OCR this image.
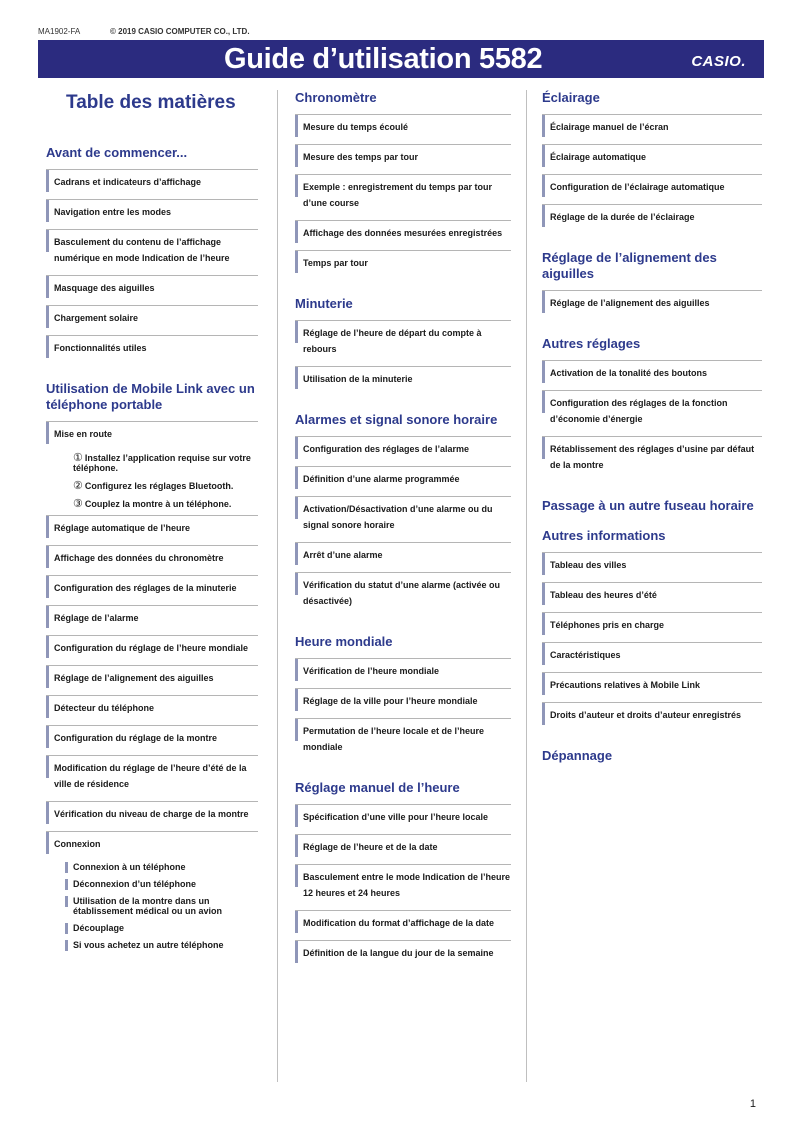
MA1902-FA	© 2019 CASIO COMPUTER CO., LTD.
Guide d’utilisation 5582	CASIO.
Table des matières
Avant de commencer...
Cadrans et indicateurs d’affichage
Navigation entre les modes
Basculement du contenu de l’affichage numérique en mode Indication de l’heure
Masquage des aiguilles
Chargement solaire
Fonctionnalités utiles
Utilisation de Mobile Link avec un téléphone portable
Mise en route
① Installez l’application requise sur votre téléphone.
② Configurez les réglages Bluetooth.
③ Couplez la montre à un téléphone.
Réglage automatique de l’heure
Affichage des données du chronomètre
Configuration des réglages de la minuterie
Réglage de l’alarme
Configuration du réglage de l’heure mondiale
Réglage de l’alignement des aiguilles
Détecteur du téléphone
Configuration du réglage de la montre
Modification du réglage de l’heure d’été de la ville de résidence
Vérification du niveau de charge de la montre
Connexion
Connexion à un téléphone
Déconnexion d’un téléphone
Utilisation de la montre dans un établissement médical ou un avion
Découplage
Si vous achetez un autre téléphone
Chronomètre
Mesure du temps écoulé
Mesure des temps par tour
Exemple : enregistrement du temps par tour d’une course
Affichage des données mesurées enregistrées
Temps par tour
Minuterie
Réglage de l’heure de départ du compte à rebours
Utilisation de la minuterie
Alarmes et signal sonore horaire
Configuration des réglages de l’alarme
Définition d’une alarme programmée
Activation/Désactivation d’une alarme ou du signal sonore horaire
Arrêt d’une alarme
Vérification du statut d’une alarme (activée ou désactivée)
Heure mondiale
Vérification de l’heure mondiale
Réglage de la ville pour l’heure mondiale
Permutation de l’heure locale et de l’heure mondiale
Réglage manuel de l’heure
Spécification d’une ville pour l’heure locale
Réglage de l’heure et de la date
Basculement entre le mode Indication de l’heure 12 heures et 24 heures
Modification du format d’affichage de la date
Définition de la langue du jour de la semaine
Éclairage
Éclairage manuel de l’écran
Éclairage automatique
Configuration de l’éclairage automatique
Réglage de la durée de l’éclairage
Réglage de l’alignement des aiguilles
Réglage de l’alignement des aiguilles
Autres réglages
Activation de la tonalité des boutons
Configuration des réglages de la fonction d’économie d’énergie
Rétablissement des réglages d’usine par défaut de la montre
Passage à un autre fuseau horaire
Autres informations
Tableau des villes
Tableau des heures d’été
Téléphones pris en charge
Caractéristiques
Précautions relatives à Mobile Link
Droits d’auteur et droits d’auteur enregistrés
Dépannage
1
